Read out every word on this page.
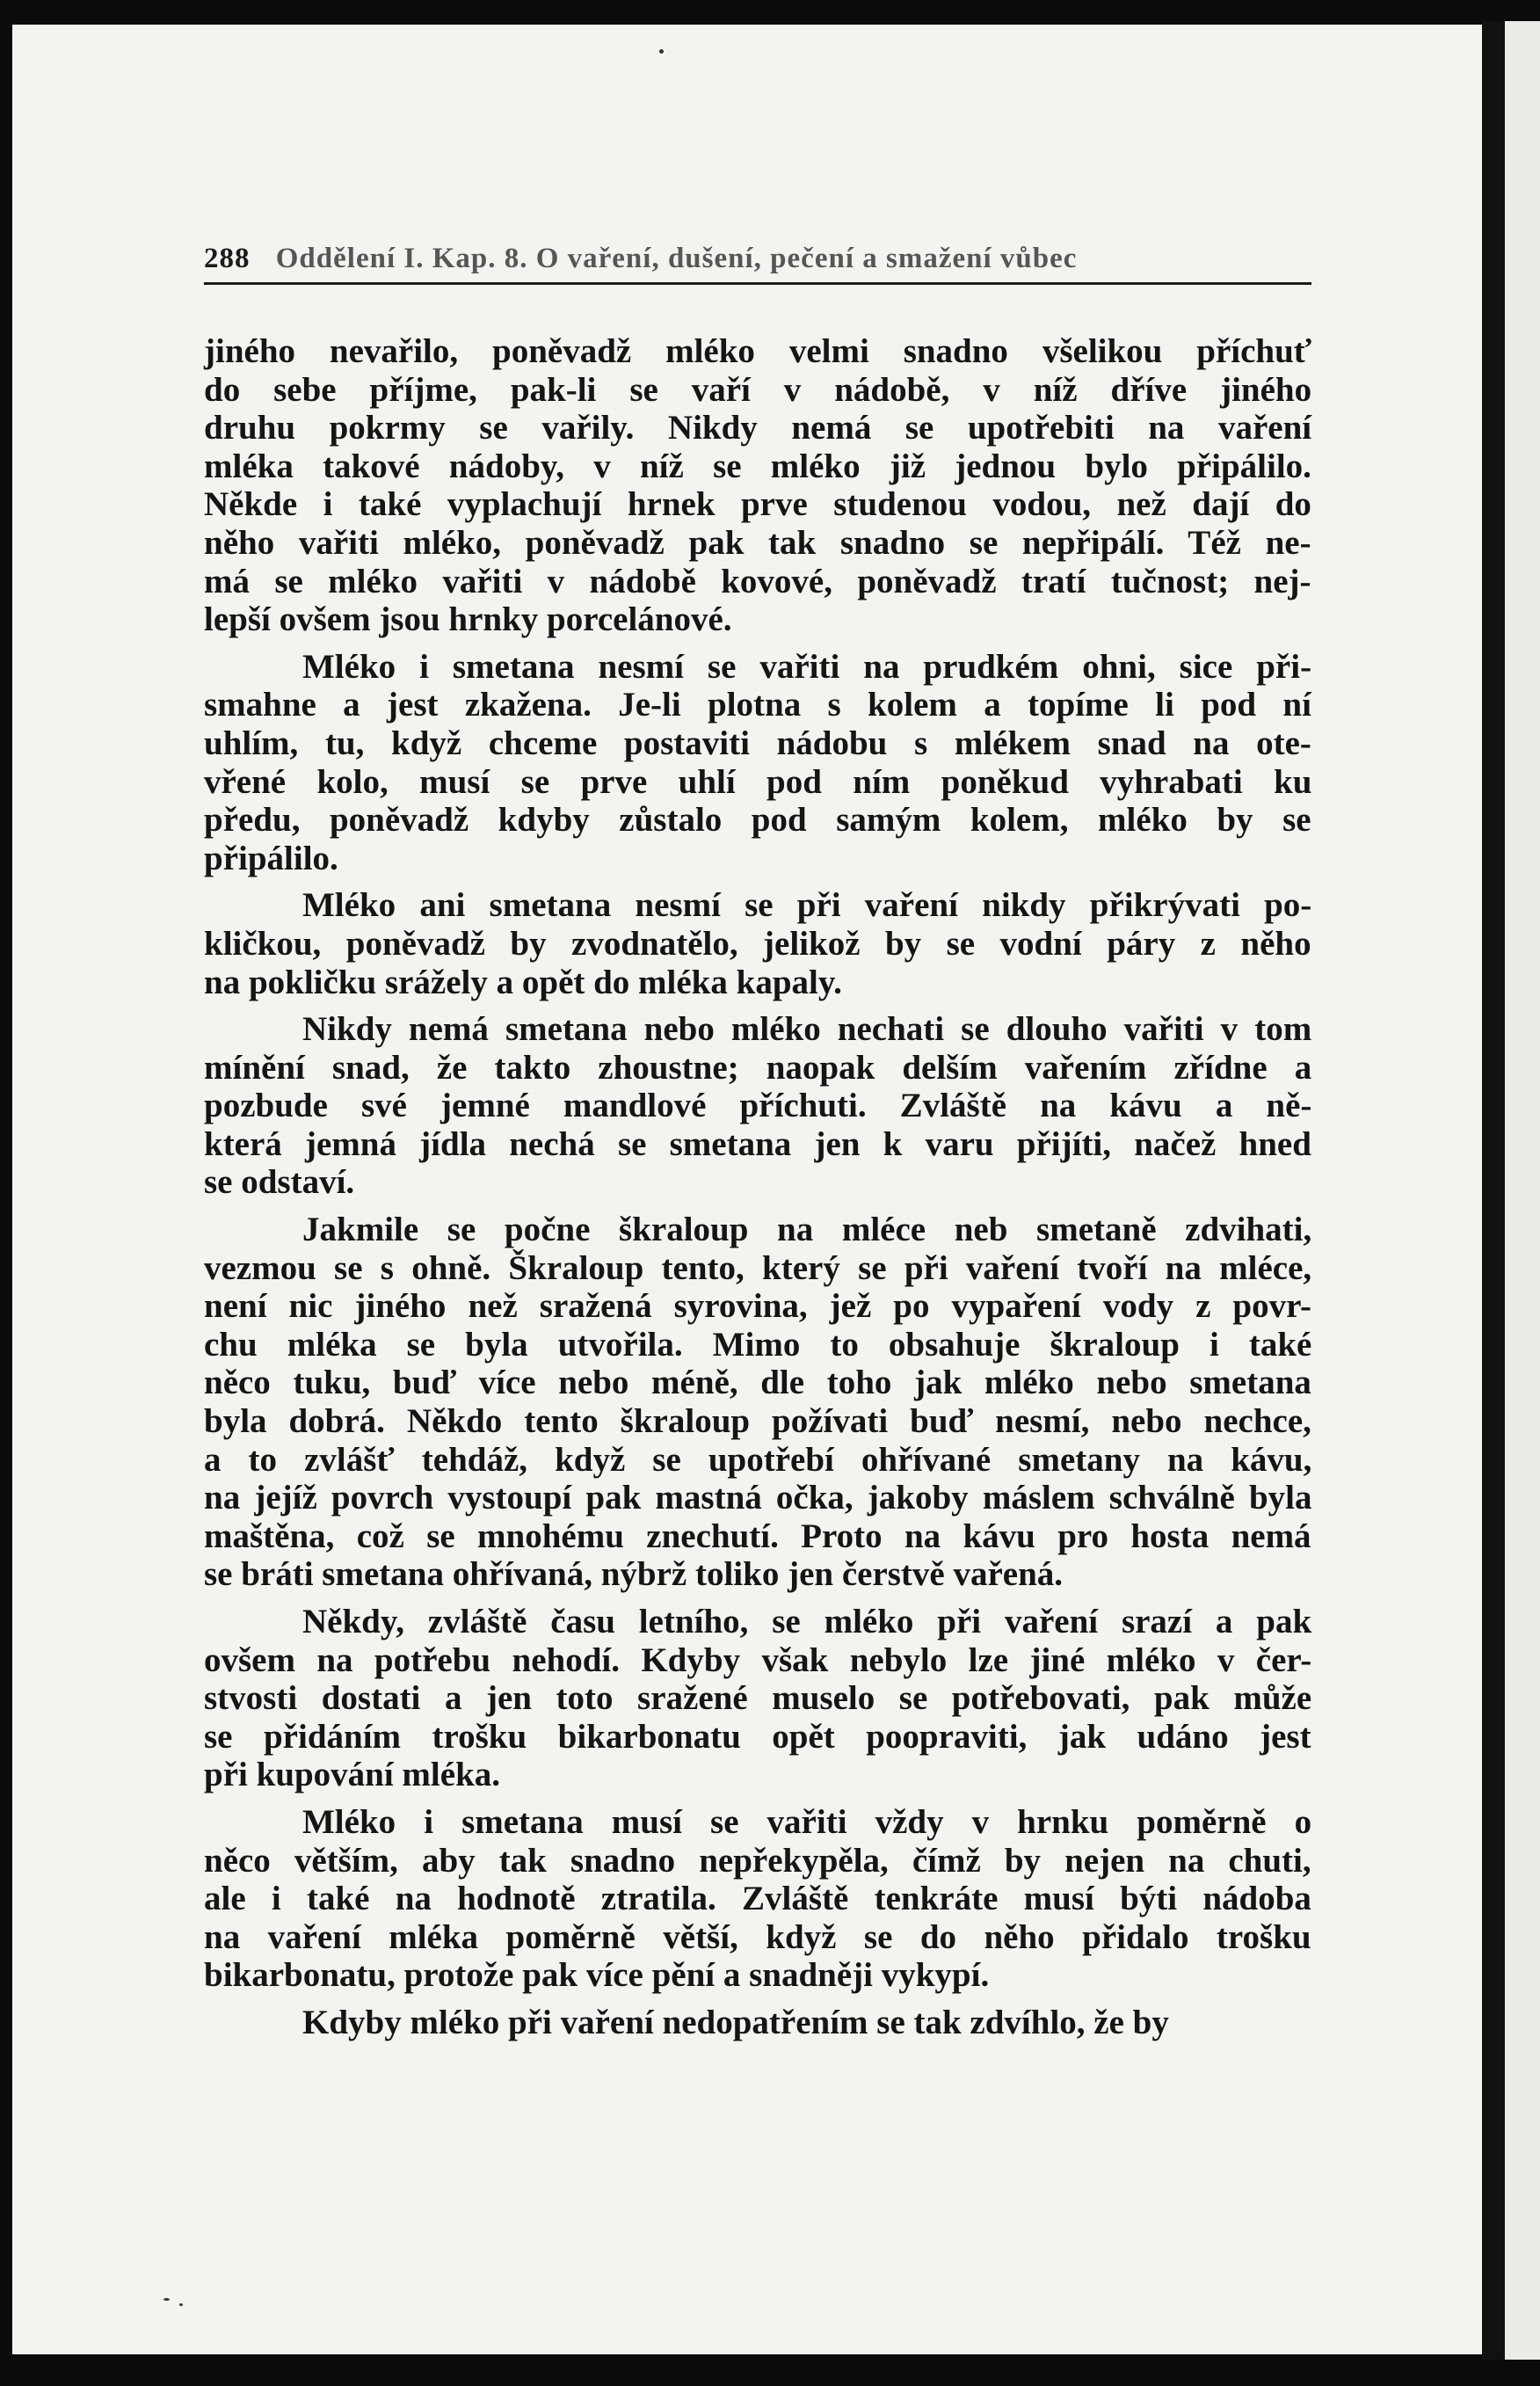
288 Oddělení I. Kap. 8. O vaření, dušení, pečení a smažení vůbec
jiného nevařilo, poněvadž mléko velmi snadno všelikou příchuť
do sebe příjme, pak-li se vaří v nádobě, v níž dříve jiného
druhu pokrmy se vařily. Nikdy nemá se upotřebiti na vaření
mléka takové nádoby, v níž se mléko již jednou bylo připálilo.
Někde i také vyplachují hrnek prve studenou vodou, než dají do
něho vařiti mléko, poněvadž pak tak snadno se nepřipálí. Též ne-
má se mléko vařiti v nádobě kovové, poněvadž tratí tučnost; nej-
lepší ovšem jsou hrnky porcelánové.
Mléko i smetana nesmí se vařiti na prudkém ohni, sice při-
smahne a jest zkažena. Je-li plotna s kolem a topíme li pod ní
uhlím, tu, když chceme postaviti nádobu s mlékem snad na ote-
vřené kolo, musí se prve uhlí pod ním poněkud vyhrabati ku
předu, poněvadž kdyby zůstalo pod samým kolem, mléko by se
připálilo.
Mléko ani smetana nesmí se při vaření nikdy přikrývati po-
kličkou, poněvadž by zvodnatělo, jelikož by se vodní páry z něho
na pokličku srážely a opět do mléka kapaly.
Nikdy nemá smetana nebo mléko nechati se dlouho vařiti v tom
mínění snad, že takto zhoustne; naopak delším vařením zřídne a
pozbude své jemné mandlové příchuti. Zvláště na kávu a ně-
která jemná jídla nechá se smetana jen k varu přijíti, načež hned
se odstaví.
Jakmile se počne škraloup na mléce neb smetaně zdvihati,
vezmou se s ohně. Škraloup tento, který se při vaření tvoří na mléce,
není nic jiného než sražená syrovina, jež po vypaření vody z povr-
chu mléka se byla utvořila. Mimo to obsahuje škraloup i také
něco tuku, buď více nebo méně, dle toho jak mléko nebo smetana
byla dobrá. Někdo tento škraloup požívati buď nesmí, nebo nechce,
a to zvlášť tehdáž, když se upotřebí ohřívané smetany na kávu,
na jejíž povrch vystoupí pak mastná očka, jakoby máslem schválně byla
maštěna, což se mnohému znechutí. Proto na kávu pro hosta nemá
se bráti smetana ohřívaná, nýbrž toliko jen čerstvě vařená.
Někdy, zvláště času letního, se mléko při vaření srazí a pak
ovšem na potřebu nehodí. Kdyby však nebylo lze jiné mléko v čer-
stvosti dostati a jen toto sražené muselo se potřebovati, pak může
se přidáním trošku bikarbonatu opět poopraviti, jak udáno jest
při kupování mléka.
Mléko i smetana musí se vařiti vždy v hrnku poměrně o
něco větším, aby tak snadno nepřekypěla, čímž by nejen na chuti,
ale i také na hodnotě ztratila. Zvláště tenkráte musí býti nádoba
na vaření mléka poměrně větší, když se do něho přidalo trošku
bikarbonatu, protože pak více pění a snadněji vykypí.
Kdyby mléko při vaření nedopatřením se tak zdvíhlo, že by
